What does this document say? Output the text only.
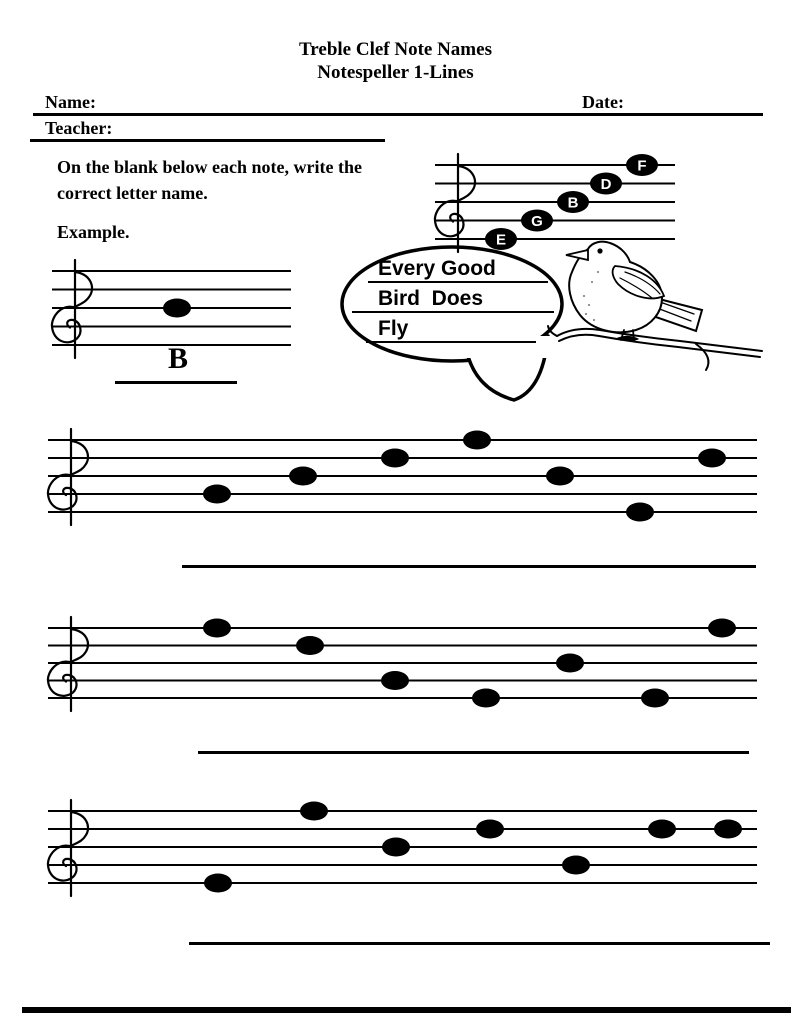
Treble Clef Note Names
Notespeller 1-Lines
Name:	Date:
Teacher:
On the blank below each note, write the
correct letter name.
Example.	E
G
B
D
F
Every Good
Bird  Does
Fly
B
